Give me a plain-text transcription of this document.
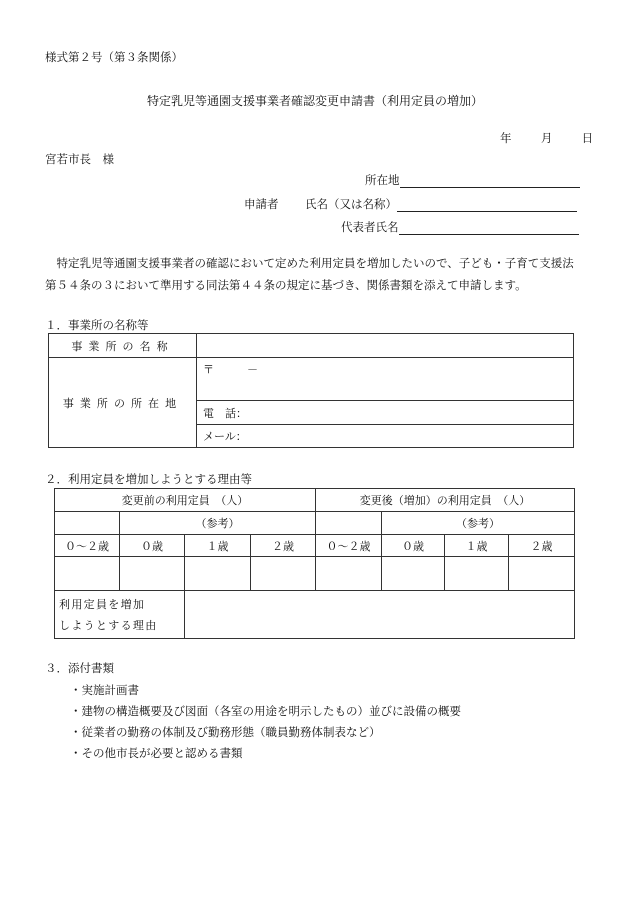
様式第２号（第３条関係）
特定乳児等通園支援事業者確認変更申請書（利用定員の増加）
年	月	日
宮若市長　様
所在地
申請者 氏名（又は名称）
代表者氏名
特定乳児等通園支援事業者の確認において定めた利用定員を増加したいので、子ども・子育て支援法第５４条の３において準用する同法第４４条の規定に基づき、関係書類を添えて申請します。
１．事業所の名称等
事業所の名称	
事業所の所在地	〒　　　－
	電　話：
	メール：
２．利用定員を増加しようとする理由等
変更前の利用定員　（人）				変更後（増加）の利用定員　（人）			
	（参考）				（参考）		
０～２歳	０歳	１歳	２歳	０～２歳	０歳	１歳	２歳

利用定員を増加
しようとする理由							

３．添付書類
・実施計画書
・建物の構造概要及び図面（各室の用途を明示したもの）並びに設備の概要
・従業者の勤務の体制及び勤務形態（職員勤務体制表など）
・その他市長が必要と認める書類
